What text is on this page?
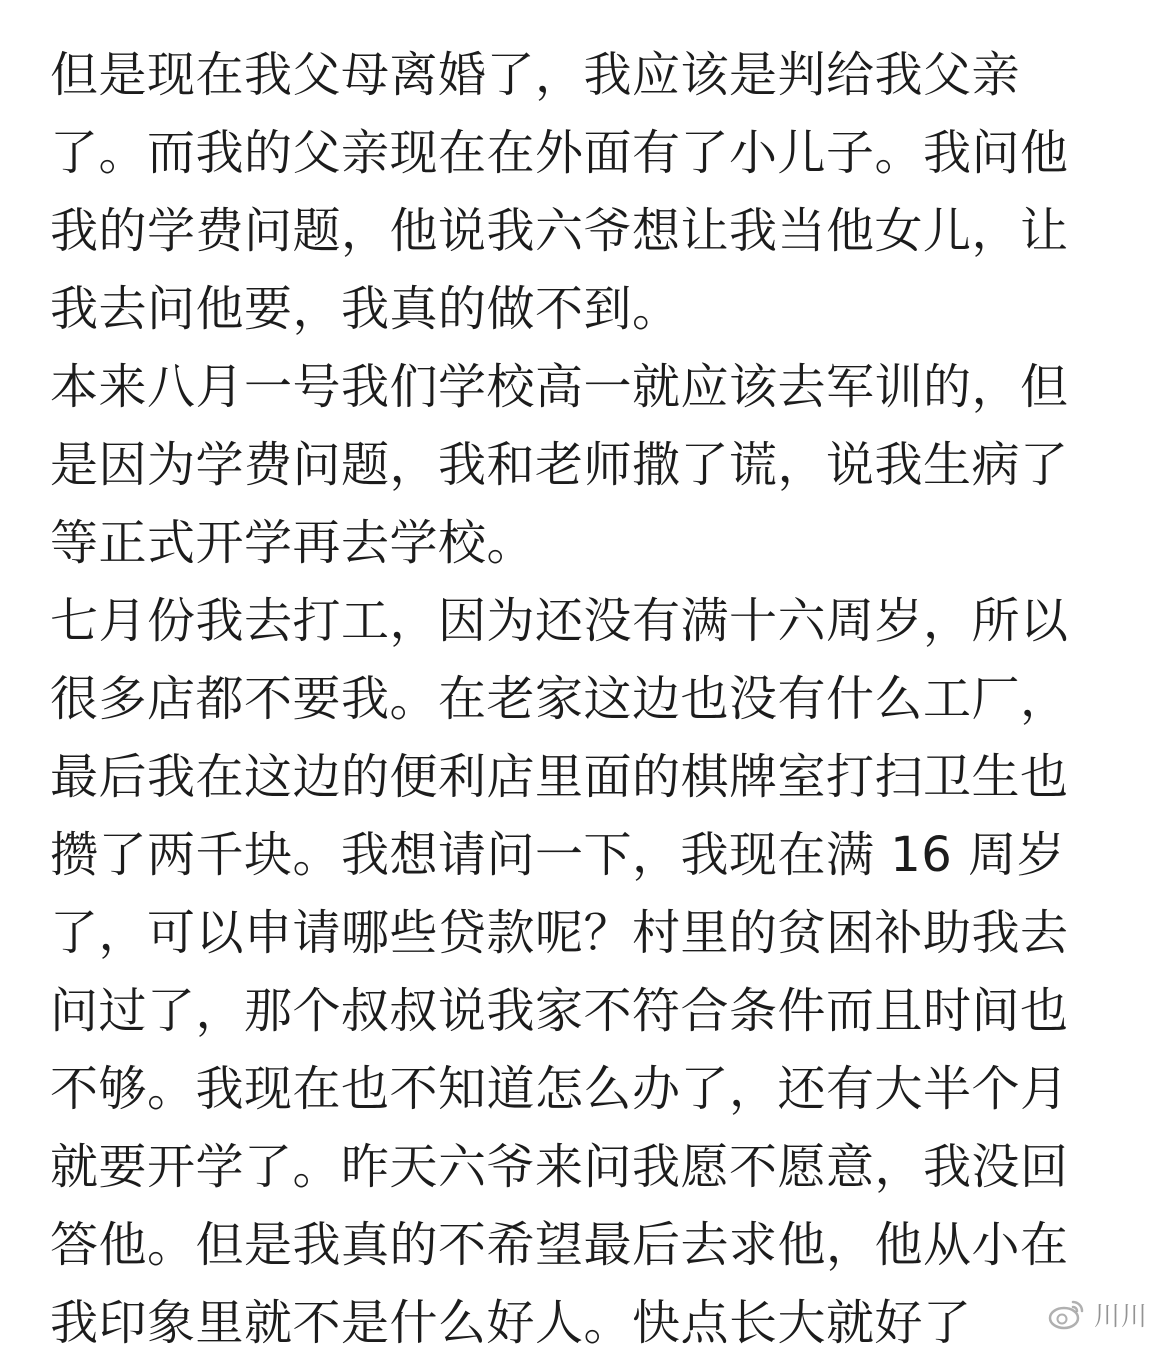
但是现在我父母离婚了，我应该是判给我父亲
了。而我的父亲现在在外面有了小儿子。我问他
我的学费问题，他说我六爷想让我当他女儿，让
我去问他要，我真的做不到。
本来八月一号我们学校高一就应该去军训的，但
是因为学费问题，我和老师撒了谎，说我生病了
等正式开学再去学校。
七月份我去打工，因为还没有满十六周岁，所以
很多店都不要我。在老家这边也没有什么工厂，
最后我在这边的便利店里面的棋牌室打扫卫生也
攒了两千块。我想请问一下，我现在满 16 周岁
了，可以申请哪些贷款呢？村里的贫困补助我去
问过了，那个叔叔说我家不符合条件而且时间也
不够。我现在也不知道怎么办了，还有大半个月
就要开学了。昨天六爷来问我愿不愿意，我没回
答他。但是我真的不希望最后去求他，他从小在
我印象里就不是什么好人。快点长大就好了	川川
